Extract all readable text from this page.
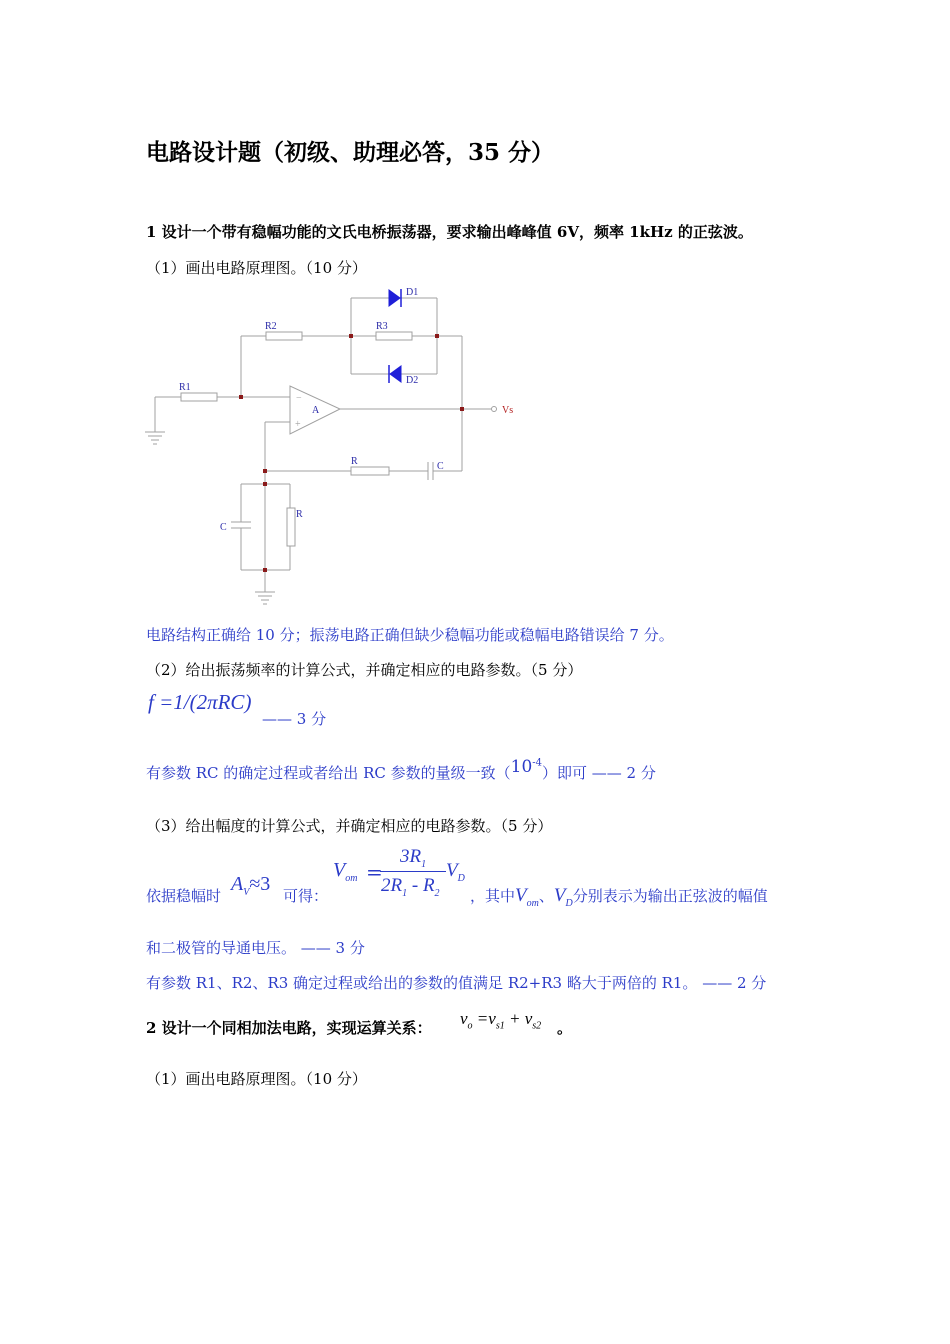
电路设计题（初级、助理必答，35 分）
1 设计一个带有稳幅功能的文氏电桥振荡器，要求输出峰峰值 6V，频率 1kHz 的正弦波。
（1）画出电路原理图。（10 分）
D1
D2
R1
R2	R3
A
−
+
Vs
R	C
C
R
电路结构正确给 10 分；振荡电路正确但缺少稳幅功能或稳幅电路错误给 7 分。
（2）给出振荡频率的计算公式，并确定相应的电路参数。（5 分）
f =1/(2πRC)
—— 3 分
有参数 RC 的确定过程或者给出 RC 参数的量级一致$(10^{-4})$即可 —— 2 分
（3）给出幅度的计算公式，并确定相应的电路参数。（5 分）
依据稳幅时
$A_V\approx 3$
可得：
$V_{om}$ =
$3R_1$
$2R_1 - R_2$
$V_D$
，其中$V_{om}$、$V_D$分别表示为输出正弦波的幅值
和二极管的导通电压。 —— 3 分
有参数 R1、R2、R3 确定过程或给出的参数的值满足 R2+R3 略大于两倍的 R1。 —— 2 分
2 设计一个同相加法电路，实现运算关系： $v_o =v_{s1} + v_{s2}$ 。
（1）画出电路原理图。（10 分）
